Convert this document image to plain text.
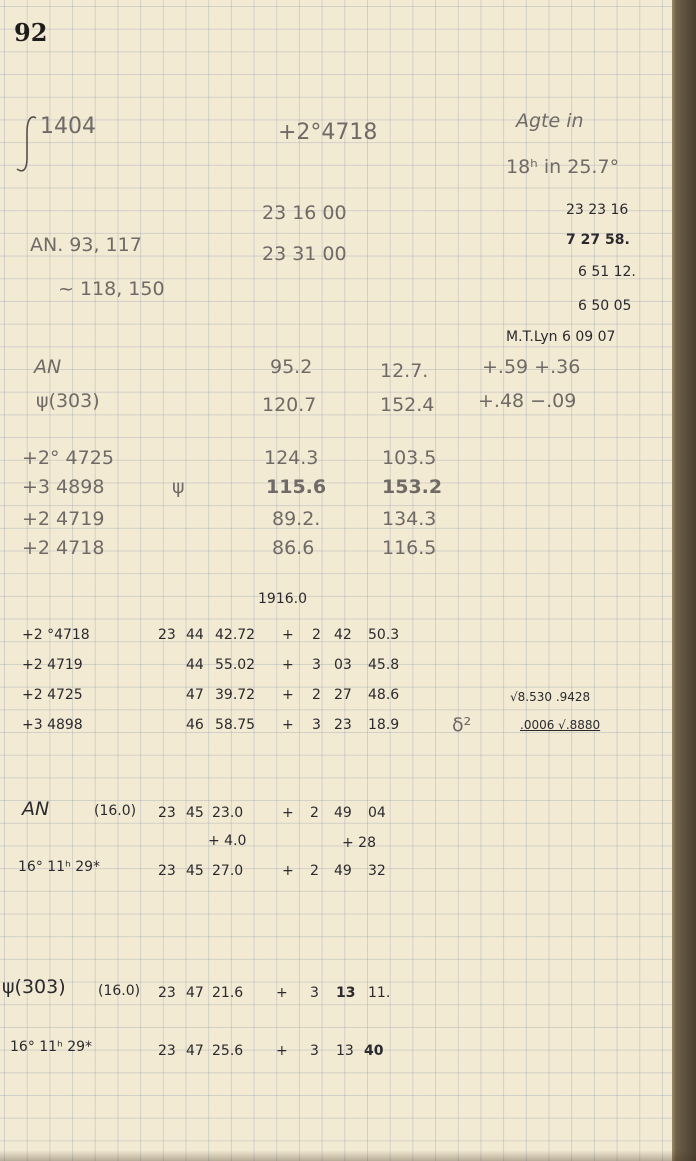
92
1404	+2°4718	Agte in
18ʰ in 25.7°
23 16 00
23 31 00
AN. 93, 117
~ 118, 150
23 23 16
7 27 58.
6 51 12.
6 50 05
M.T.Lyn 6 09 07
AN	95.2	12.7.	+.59 +.36
ψ(303)	120.7	152.4 +.48 −.09
+2° 4725	124.3	103.5
+3 4898	ψ	115.6	153.2
+2 4719	89.2.	134.3
+2 4718	86.6	116.5
1916.0
+2 °4718	23 44 42.72 + 2 42 50.3
+2 4719	44 55.02 + 3 03 45.8
+2 4725	47 39.72 + 2 27 48.6
+3 4898	46 58.75 + 3 23 18.9	δ²
√8.530 .9428
.0006 √.8880
AN	(16.0) 23 45 23.0	+ 2 49 04
+ 4.0	+ 28
16° 11ʰ 29*	23 45 27.0	+ 2 49 32
ψ(303) (16.0) 23 47 21.6 + 3 13 11.
16° 11ʰ 29*	23 47 25.6 + 3 13 40
